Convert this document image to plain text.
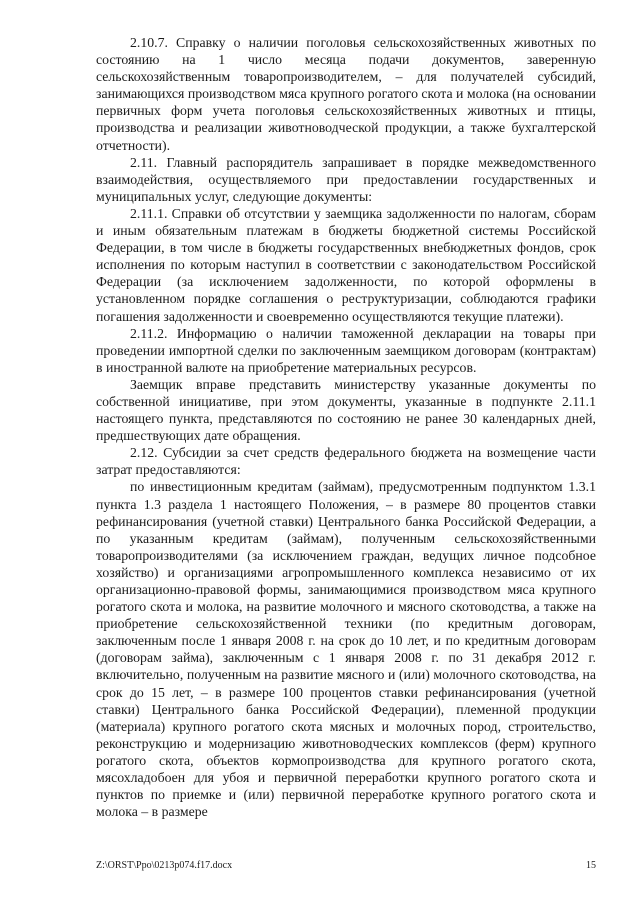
2.10.7. Справку о наличии поголовья сельскохозяйственных животных по состоянию на 1 число месяца подачи документов, заверенную сельскохозяйственным товаропроизводителем, – для получателей субсидий, занимающихся производством мяса крупного рогатого скота и молока (на основании первичных форм учета поголовья сельскохозяйственных животных и птицы, производства и реализации животноводческой продукции, а также бухгалтерской отчетности).

2.11. Главный распорядитель запрашивает в порядке межведомственного взаимодействия, осуществляемого при предоставлении государственных и муниципальных услуг, следующие документы:

2.11.1. Справки об отсутствии у заемщика задолженности по налогам, сборам и иным обязательным платежам в бюджеты бюджетной системы Российской Федерации, в том числе в бюджеты государственных внебюджетных фондов, срок исполнения по которым наступил в соответствии с законодательством Российской Федерации (за исключением задолженности, по которой оформлены в установленном порядке соглашения о реструктуризации, соблюдаются графики погашения задолженности и своевременно осуществляются текущие платежи).

2.11.2. Информацию о наличии таможенной декларации на товары при проведении импортной сделки по заключенным заемщиком договорам (контрактам) в иностранной валюте на приобретение материальных ресурсов.

Заемщик вправе представить министерству указанные документы по собственной инициативе, при этом документы, указанные в подпункте 2.11.1 настоящего пункта, представляются по состоянию не ранее 30 календарных дней, предшествующих дате обращения.

2.12. Субсидии за счет средств федерального бюджета на возмещение части затрат предоставляются:

по инвестиционным кредитам (займам), предусмотренным подпунктом 1.3.1 пункта 1.3 раздела 1 настоящего Положения, – в размере 80 процентов ставки рефинансирования (учетной ставки) Центрального банка Российской Федерации, а по указанным кредитам (займам), полученным сельскохозяйственными товаропроизводителями (за исключением граждан, ведущих личное подсобное хозяйство) и организациями агропромышленного комплекса независимо от их организационно-правовой формы, занимающимися производством мяса крупного рогатого скота и молока, на развитие молочного и мясного скотоводства, а также на приобретение сельскохозяйственной техники (по кредитным договорам, заключенным после 1 января 2008 г. на срок до 10 лет, и по кредитным договорам (договорам займа), заключенным с 1 января 2008 г. по 31 декабря 2012 г. включительно, полученным на развитие мясного и (или) молочного скотоводства, на срок до 15 лет, – в размере 100 процентов ставки рефинансирования (учетной ставки) Центрального банка Российской Федерации), племенной продукции (материала) крупного рогатого скота мясных и молочных пород, строительство, реконструкцию и модернизацию животноводческих комплексов (ферм) крупного рогатого скота, объектов кормопроизводства для крупного рогатого скота, мясохладобоен для убоя и первичной переработки крупного рогатого скота и пунктов по приемке и (или) первичной переработке крупного рогатого скота и молока – в размере

Z:\ORST\Ppo\0213p074.f17.docx	15
